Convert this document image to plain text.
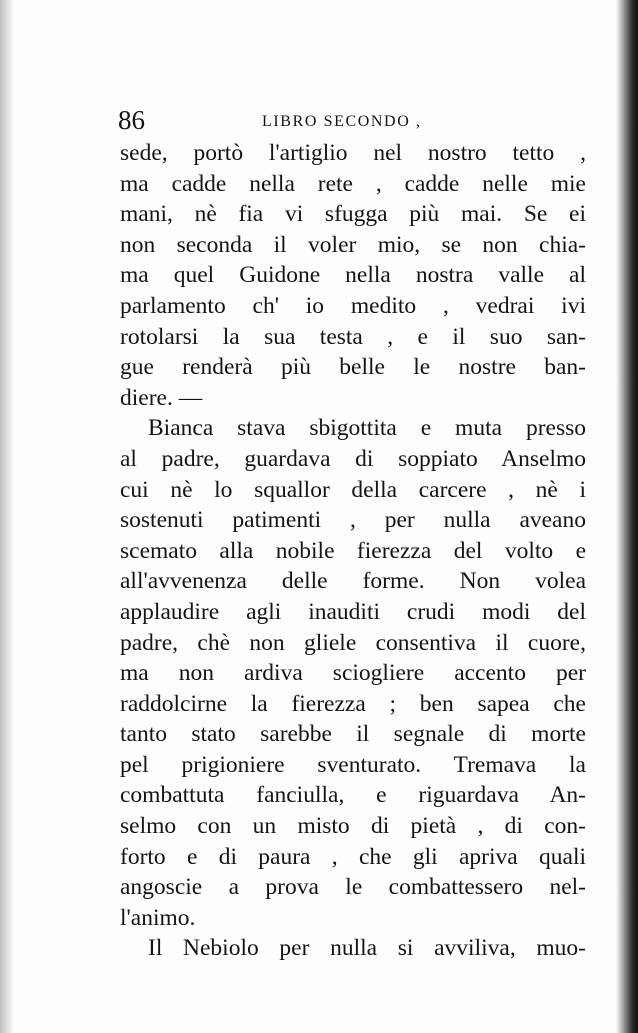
86	LIBRO SECONDO ,
sede, portò l'artiglio nel nostro tetto ,
ma cadde nella rete , cadde nelle mie
mani, nè fia vi sfugga più mai. Se ei
non seconda il voler mio, se non chia-
ma quel Guidone nella nostra valle al
parlamento ch' io medito , vedrai ivi
rotolarsi la sua testa , e il suo san-
gue renderà più belle le nostre ban-
diere. —
Bianca stava sbigottita e muta presso
al padre, guardava di soppiato Anselmo
cui nè lo squallor della carcere , nè i
sostenuti patimenti , per nulla aveano
scemato alla nobile fierezza del volto e
all'avvenenza delle forme. Non volea
applaudire agli inauditi crudi modi del
padre, chè non gliele consentiva il cuore,
ma non ardiva sciogliere accento per
raddolcirne la fierezza ; ben sapea che
tanto stato sarebbe il segnale di morte
pel prigioniere sventurato. Tremava la
combattuta fanciulla, e riguardava An-
selmo con un misto di pietà , di con-
forto e di paura , che gli apriva quali
angoscie a prova le combattessero nel-
l'animo.
Il Nebiolo per nulla si avviliva, muo-
